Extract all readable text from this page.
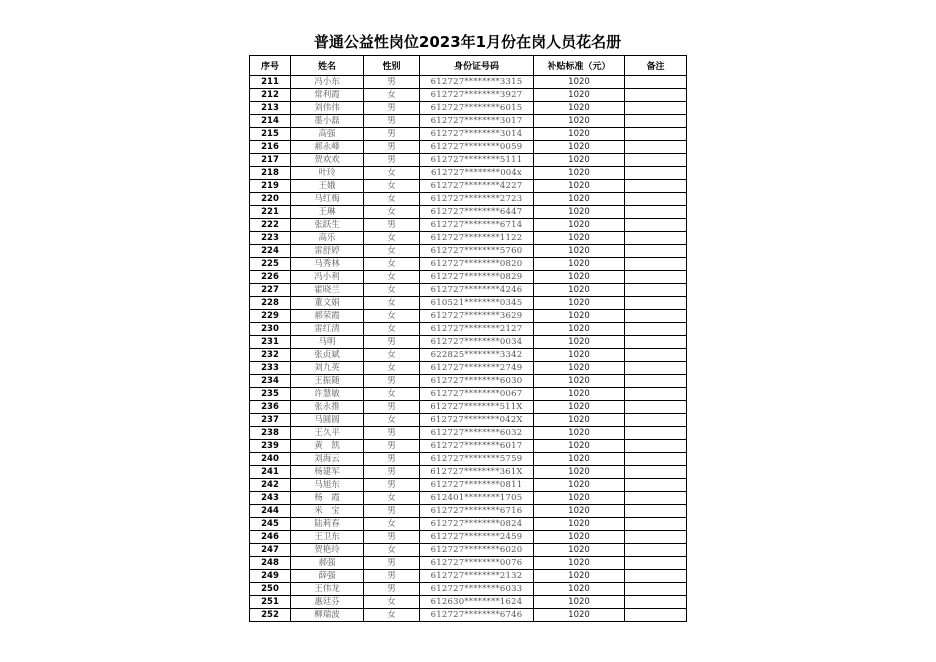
普通公益性岗位2023年1月份在岗人员花名册
序号	姓名	性别	身份证号码	补贴标准（元）	备注
211	冯小东	男	612727********3315	1020	
212	常利霞	女	612727********3927	1020	
213	刘伟伟	男	612727********6015	1020	
214	墨小磊	男	612727********3017	1020	
215	高强	男	612727********3014	1020	
216	郝永峰	男	612727********0059	1020	
217	贺欢欢	男	612727********5111	1020	
218	叶玲	女	612727********004x	1020	
219	王娥	女	612727********4227	1020	
220	马红梅	女	612727********2723	1020	
221	王琳	女	612727********6447	1020	
222	张跃生	男	612727********6714	1020	
223	高乐	女	612727********1122	1020	
224	雷舒婷	女	612727********5760	1020	
225	马秀林	女	612727********0820	1020	
226	冯小利	女	612727********0829	1020	
227	霍晓兰	女	612727********4246	1020	
228	董文娟	女	610521********0345	1020	
229	郝荣霞	女	612727********3629	1020	
230	雷红清	女	612727********2127	1020	
231	马明	男	612727********0034	1020	
232	张贞斌	女	622825********3342	1020	
233	刘九英	女	612727********2749	1020	
234	王振随	男	612727********6030	1020	
235	许慧敏	女	612727********0067	1020	
236	张永推	男	612727********511X	1020	
237	马圆圆	女	612727********042X	1020	
238	王久平	男	612727********6032	1020	
239	黄　凯	男	612727********6017	1020	
240	刘海云	男	612727********5759	1020	
241	杨建军	男	612727********361X	1020	
242	马旭东	男	612727********0811	1020	
243	杨　霞	女	612401********1705	1020	
244	米　宝	男	612727********6716	1020	
245	陆莉春	女	612727********0824	1020	
246	王卫东	男	612727********2459	1020	
247	贺艳玲	女	612727********6020	1020	
248	郝强	男	612727********0076	1020	
249	薛强	男	612727********2132	1020	
250	王伟龙	男	612727********6033	1020	
251	惠廷芬	女	612630********1624	1020	
252	柳瑞波	女	612727********6746	1020	
